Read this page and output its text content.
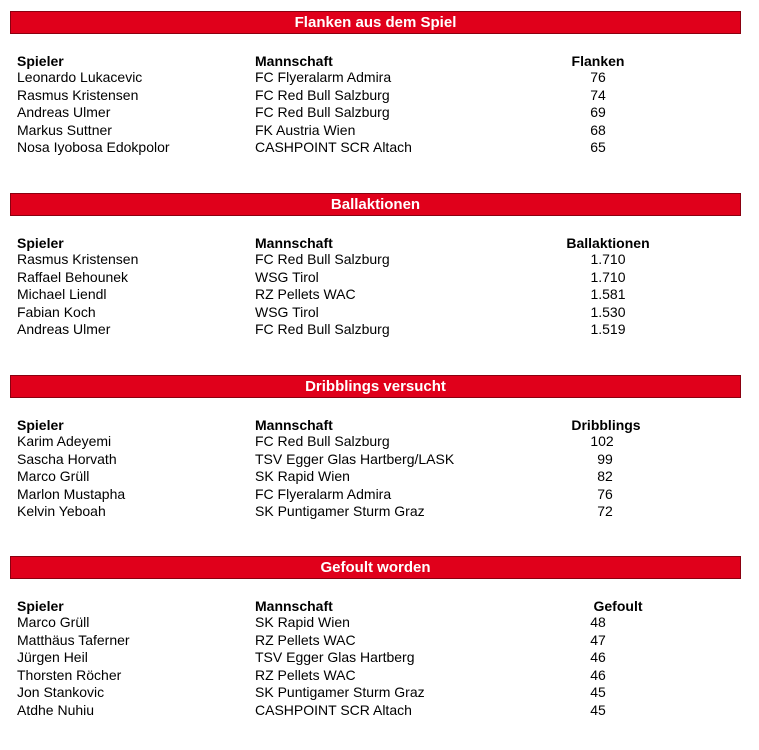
Flanken aus dem Spiel
Spieler	Mannschaft	Flanken
Leonardo Lukacevic	FC Flyeralarm Admira	76
Rasmus Kristensen	FC Red Bull Salzburg	74
Andreas Ulmer	FC Red Bull Salzburg	69
Markus Suttner	FK Austria Wien	68
Nosa Iyobosa Edokpolor	CASHPOINT SCR Altach	65
Ballaktionen
Spieler	Mannschaft	Ballaktionen
Rasmus Kristensen	FC Red Bull Salzburg	1.710
Raffael Behounek	WSG Tirol	1.710
Michael Liendl	RZ Pellets WAC	1.581
Fabian Koch	WSG Tirol	1.530
Andreas Ulmer	FC Red Bull Salzburg	1.519
Dribblings versucht
Spieler	Mannschaft	Dribblings
Karim Adeyemi	FC Red Bull Salzburg	102
Sascha Horvath	TSV Egger Glas Hartberg/LASK	99
Marco Grüll	SK Rapid Wien	82
Marlon Mustapha	FC Flyeralarm Admira	76
Kelvin Yeboah	SK Puntigamer Sturm Graz	72
Gefoult worden
Spieler	Mannschaft	Gefoult
Marco Grüll	SK Rapid Wien	48
Matthäus Taferner	RZ Pellets WAC	47
Jürgen Heil	TSV Egger Glas Hartberg	46
Thorsten Röcher	RZ Pellets WAC	46
Jon Stankovic	SK Puntigamer Sturm Graz	45
Atdhe Nuhiu	CASHPOINT SCR Altach	45
